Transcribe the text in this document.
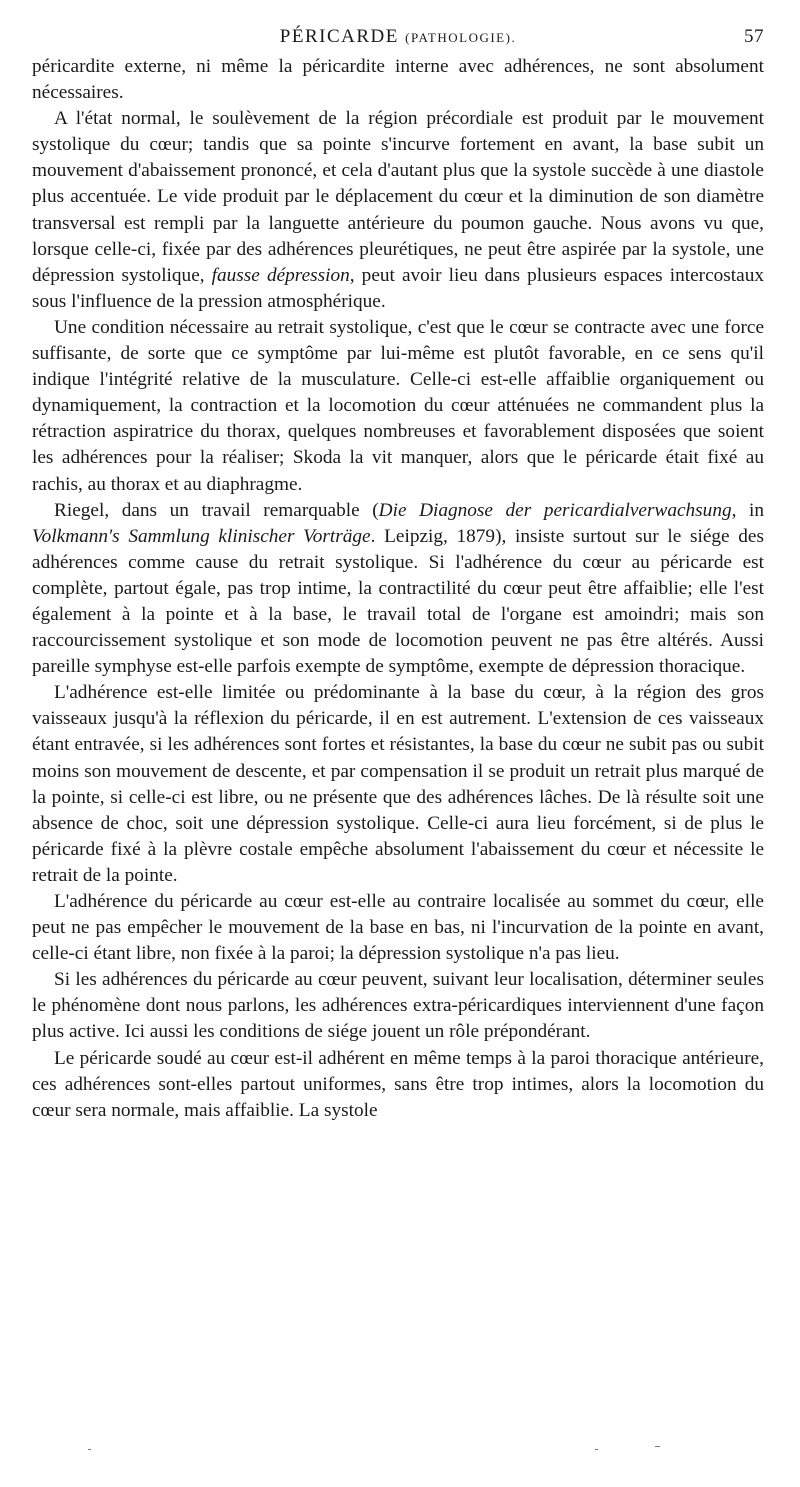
PÉRICARDE (PATHOLOGIE).	57

péricardite externe, ni même la péricardite interne avec adhérences, ne sont absolument nécessaires.

A l'état normal, le soulèvement de la région précordiale est produit par le mouvement systolique du cœur; tandis que sa pointe s'incurve fortement en avant, la base subit un mouvement d'abaissement prononcé, et cela d'autant plus que la systole succède à une diastole plus accentuée. Le vide produit par le déplacement du cœur et la diminution de son diamètre transversal est rempli par la languette antérieure du poumon gauche. Nous avons vu que, lorsque celle-ci, fixée par des adhérences pleurétiques, ne peut être aspirée par la systole, une dépression systolique, fausse dépression, peut avoir lieu dans plusieurs espaces intercostaux sous l'influence de la pression atmosphérique.

Une condition nécessaire au retrait systolique, c'est que le cœur se contracte avec une force suffisante, de sorte que ce symptôme par lui-même est plutôt favorable, en ce sens qu'il indique l'intégrité relative de la musculature. Celle-ci est-elle affaiblie organiquement ou dynamiquement, la contraction et la locomotion du cœur atténuées ne commandent plus la rétraction aspiratrice du thorax, quelques nombreuses et favorablement disposées que soient les adhérences pour la réaliser; Skoda la vit manquer, alors que le péricarde était fixé au rachis, au thorax et au diaphragme.

Riegel, dans un travail remarquable (Die Diagnose der pericardialverwachsung, in Volkmann's Sammlung klinischer Vorträge. Leipzig, 1879), insiste surtout sur le siége des adhérences comme cause du retrait systolique. Si l'adhérence du cœur au péricarde est complète, partout égale, pas trop intime, la contractilité du cœur peut être affaiblie; elle l'est également à la pointe et à la base, le travail total de l'organe est amoindri; mais son raccourcissement systolique et son mode de locomotion peuvent ne pas être altérés. Aussi pareille symphyse est-elle parfois exempte de symptôme, exempte de dépression thoracique.

L'adhérence est-elle limitée ou prédominante à la base du cœur, à la région des gros vaisseaux jusqu'à la réflexion du péricarde, il en est autrement. L'extension de ces vaisseaux étant entravée, si les adhérences sont fortes et résistantes, la base du cœur ne subit pas ou subit moins son mouvement de descente, et par compensation il se produit un retrait plus marqué de la pointe, si celle-ci est libre, ou ne présente que des adhérences lâches. De là résulte soit une absence de choc, soit une dépression systolique. Celle-ci aura lieu forcément, si de plus le péricarde fixé à la plèvre costale empêche absolument l'abaissement du cœur et nécessite le retrait de la pointe.

L'adhérence du péricarde au cœur est-elle au contraire localisée au sommet du cœur, elle peut ne pas empêcher le mouvement de la base en bas, ni l'incurvation de la pointe en avant, celle-ci étant libre, non fixée à la paroi; la dépression systolique n'a pas lieu.

Si les adhérences du péricarde au cœur peuvent, suivant leur localisation, déterminer seules le phénomène dont nous parlons, les adhérences extra-péricardiques interviennent d'une façon plus active. Ici aussi les conditions de siége jouent un rôle prépondérant.

Le péricarde soudé au cœur est-il adhérent en même temps à la paroi thoracique antérieure, ces adhérences sont-elles partout uniformes, sans être trop intimes, alors la locomotion du cœur sera normale, mais affaiblie. La systole
